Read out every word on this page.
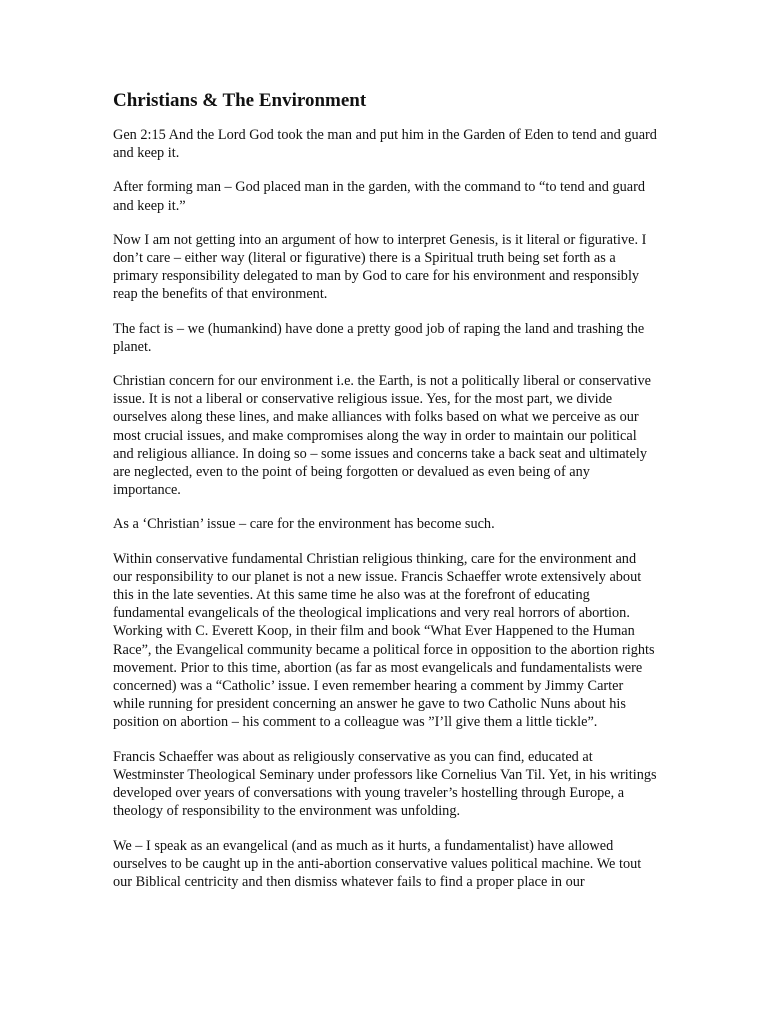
Christians & The Environment

Gen 2:15 And the Lord God took the man and put him in the Garden of Eden to tend and guard and keep it.

After forming man – God placed man in the garden, with the command to “to tend and guard and keep it.”

Now I am not getting into an argument of how to interpret Genesis, is it literal or figurative. I don’t care – either way (literal or figurative) there is a Spiritual truth being set forth as a primary responsibility delegated to man by God to care for his environment and responsibly reap the benefits of that environment.

The fact is – we (humankind) have done a pretty good job of raping the land and trashing the planet.

Christian concern for our environment i.e. the Earth, is not a politically liberal or conservative issue. It is not a liberal or conservative religious issue. Yes, for the most part, we divide ourselves along these lines, and make alliances with folks based on what we perceive as our most crucial issues, and make compromises along the way in order to maintain our political and religious alliance. In doing so – some issues and concerns take a back seat and ultimately are neglected, even to the point of being forgotten or devalued as even being of any importance.

As a ‘Christian’ issue – care for the environment has become such.

Within conservative fundamental Christian religious thinking, care for the environment and our responsibility to our planet is not a new issue. Francis Schaeffer wrote extensively about this in the late seventies. At this same time he also was at the forefront of educating fundamental evangelicals of the theological implications and very real horrors of abortion. Working with C. Everett Koop, in their film and book “What Ever Happened to the Human Race”, the Evangelical community became a political force in opposition to the abortion rights movement. Prior to this time, abortion (as far as most evangelicals and fundamentalists were concerned) was a “Catholic’ issue. I even remember hearing a comment by Jimmy Carter while running for president concerning an answer he gave to two Catholic Nuns about his position on abortion – his comment to a colleague was ”I’ll give them a little tickle”.

Francis Schaeffer was about as religiously conservative as you can find, educated at Westminster Theological Seminary under professors like Cornelius Van Til. Yet, in his writings developed over years of conversations with young traveler’s hostelling through Europe, a theology of responsibility to the environment was unfolding.

We – I speak as an evangelical (and as much as it hurts, a fundamentalist) have allowed ourselves to be caught up in the anti-abortion conservative values political machine. We tout our Biblical centricity and then dismiss whatever fails to find a proper place in our
